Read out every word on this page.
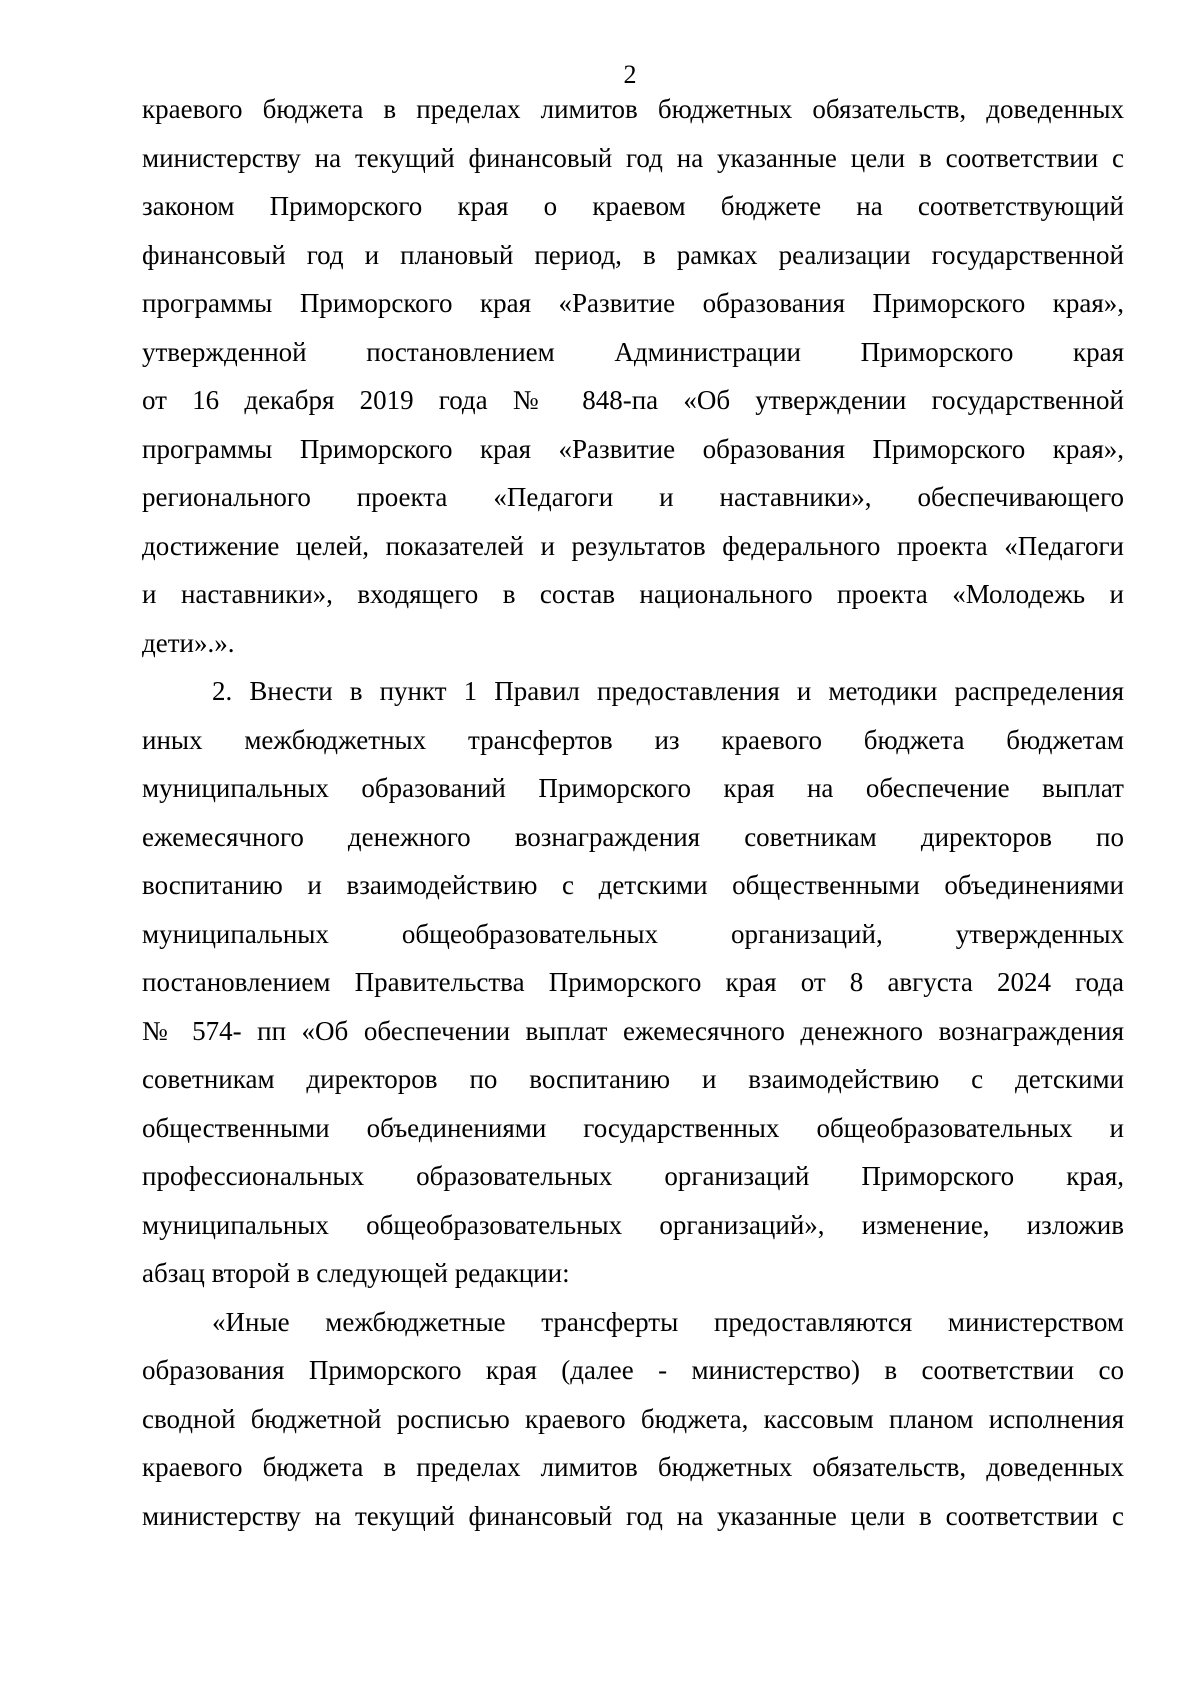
2
краевого бюджета в пределах лимитов бюджетных обязательств, доведенных
министерству на текущий финансовый год на указанные цели в соответствии с
законом Приморского края о краевом бюджете на соответствующий
финансовый год и плановый период, в рамках реализации государственной
программы Приморского края «Развитие образования Приморского края»,
утвержденной постановлением Администрации Приморского края
от 16 декабря 2019 года № 848-па «Об утверждении государственной
программы Приморского края «Развитие образования Приморского края»,
регионального проекта «Педагоги и наставники», обеспечивающего
достижение целей, показателей и результатов федерального проекта «Педагоги
и наставники», входящего в состав национального проекта «Молодежь и
дети».».
2. Внести в пункт 1 Правил предоставления и методики распределения
иных межбюджетных трансфертов из краевого бюджета бюджетам
муниципальных образований Приморского края на обеспечение выплат
ежемесячного денежного вознаграждения советникам директоров по
воспитанию и взаимодействию с детскими общественными объединениями
муниципальных общеобразовательных организаций, утвержденных
постановлением Правительства Приморского края от 8 августа 2024 года
№ 574- пп «Об обеспечении выплат ежемесячного денежного вознаграждения
советникам директоров по воспитанию и взаимодействию с детскими
общественными объединениями государственных общеобразовательных и
профессиональных образовательных организаций Приморского края,
муниципальных общеобразовательных организаций», изменение, изложив
абзац второй в следующей редакции:
«Иные межбюджетные трансферты предоставляются министерством
образования Приморского края (далее - министерство) в соответствии со
сводной бюджетной росписью краевого бюджета, кассовым планом исполнения
краевого бюджета в пределах лимитов бюджетных обязательств, доведенных
министерству на текущий финансовый год на указанные цели в соответствии с
